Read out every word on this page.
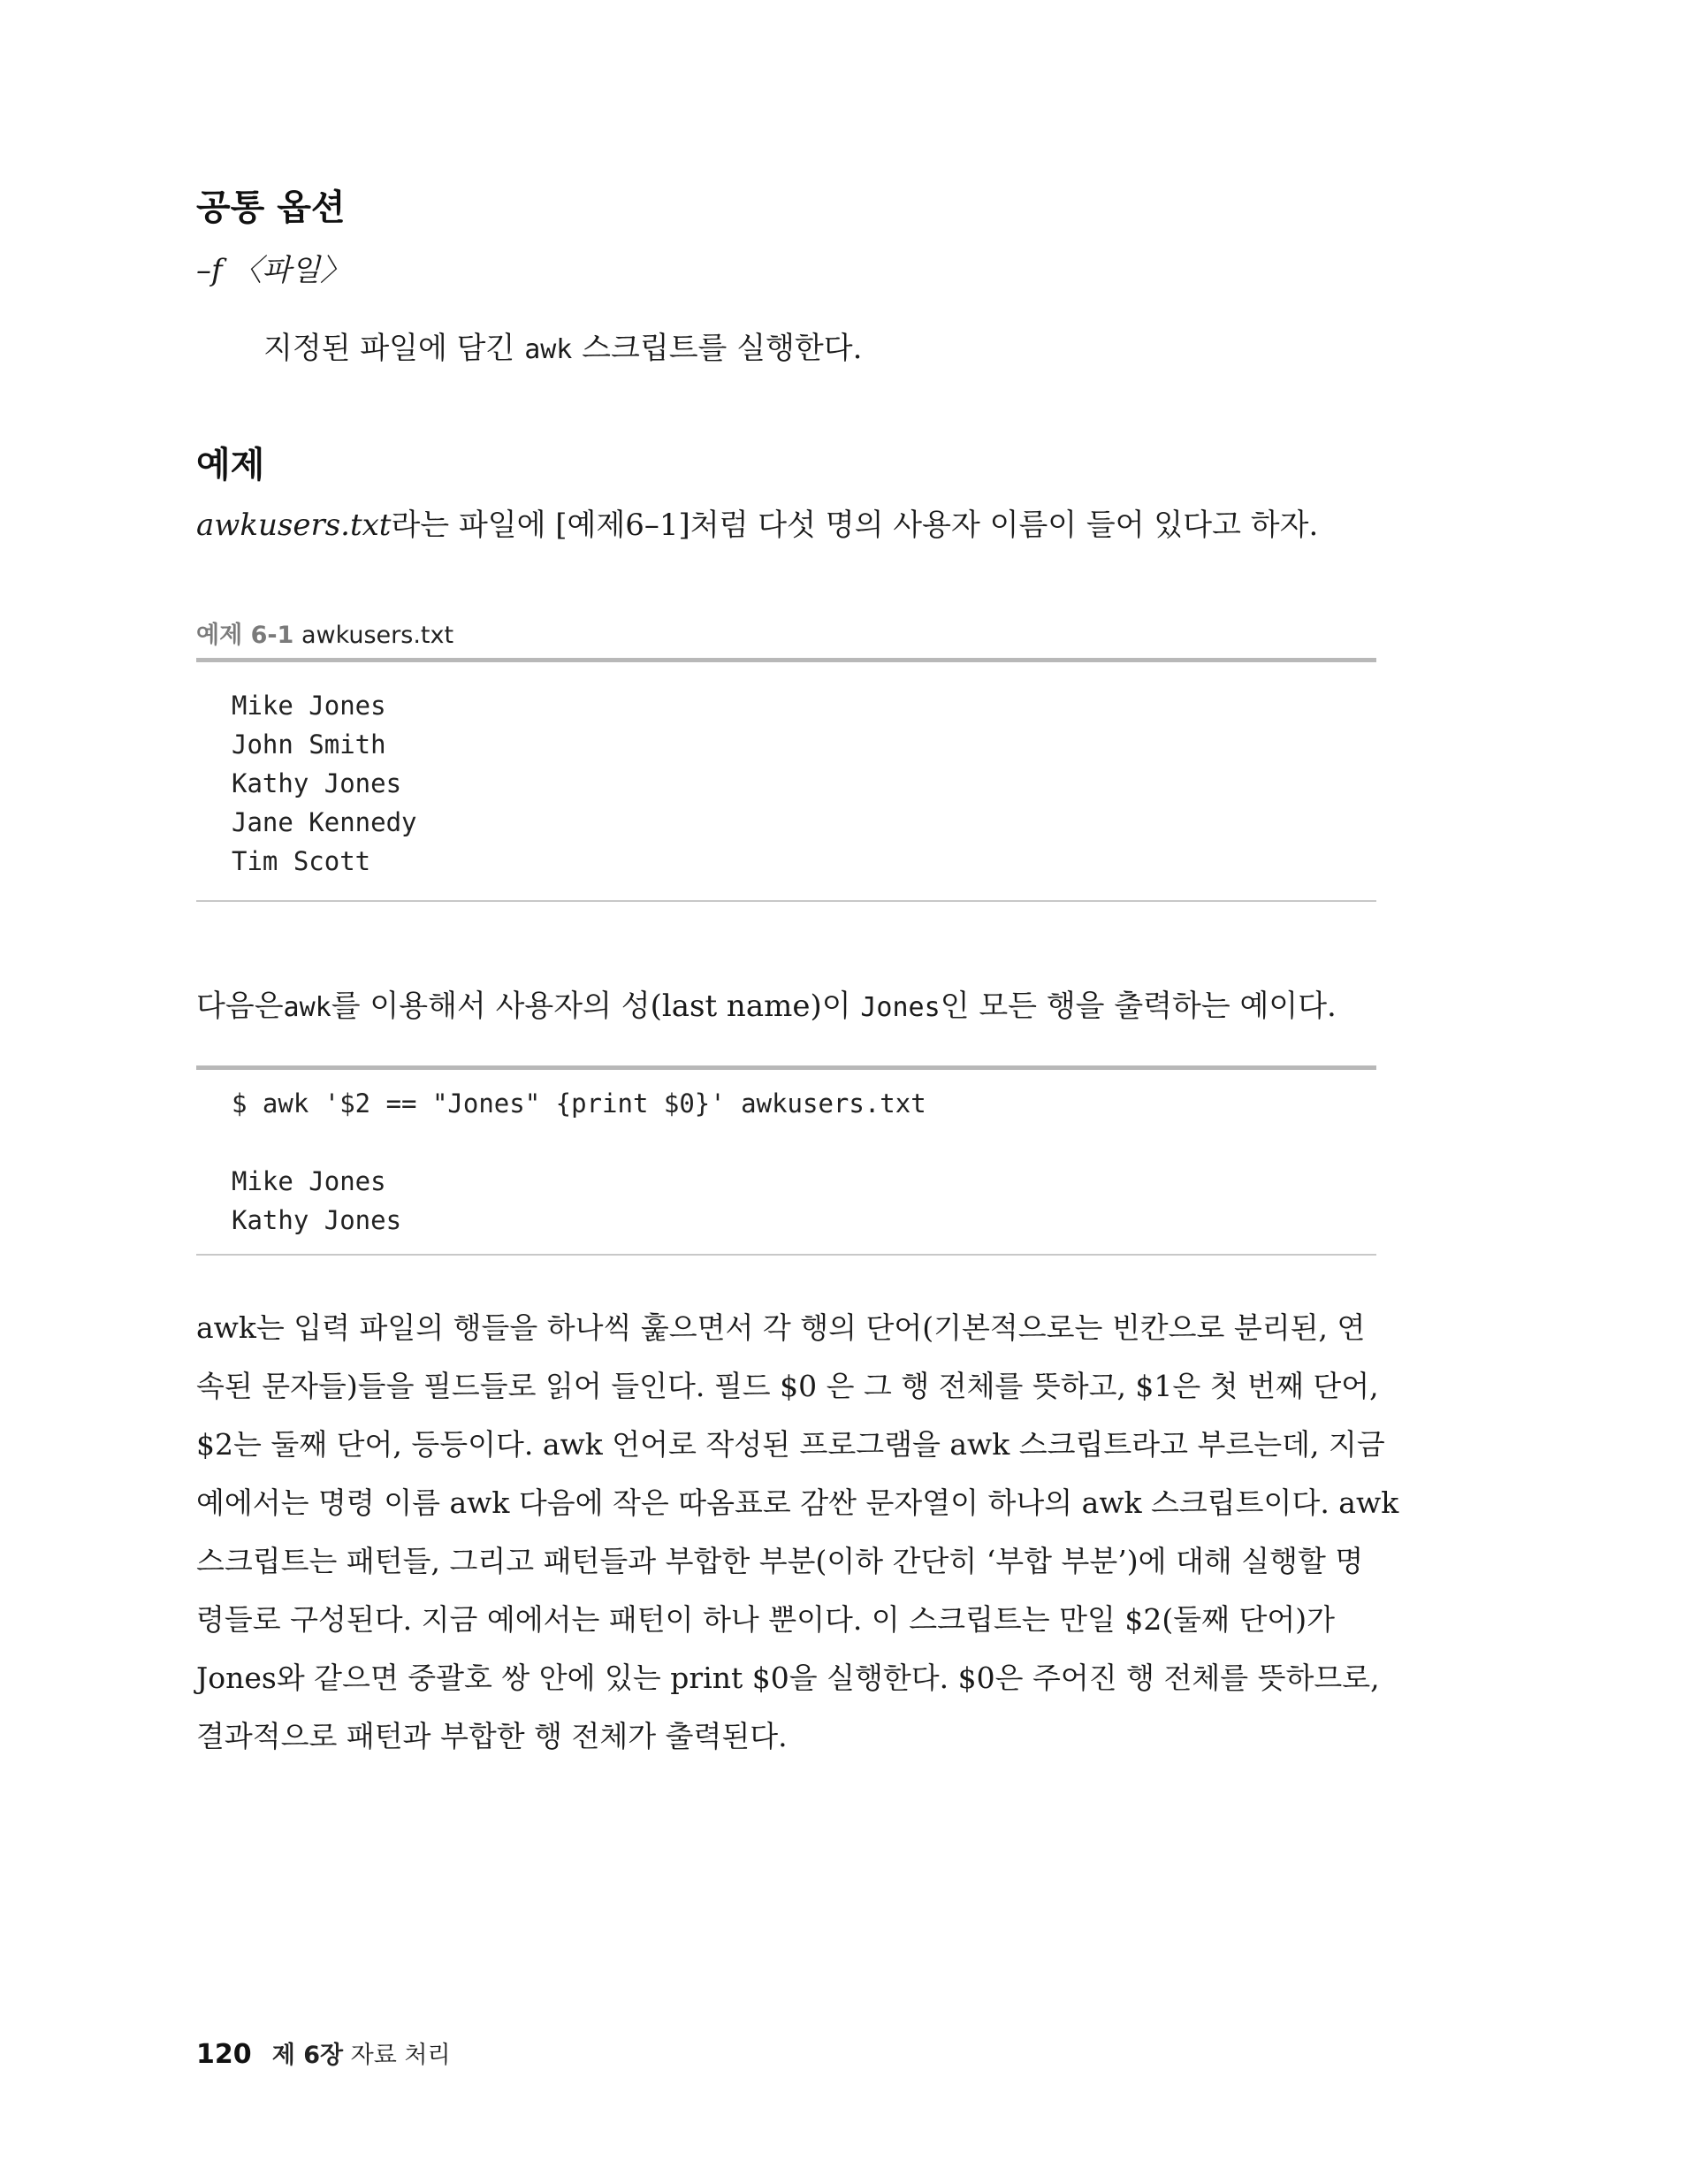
공통 옵션
–f 〈파일〉
지정된 파일에 담긴 awk 스크립트를 실행한다.
예제
awkusers.txt라는 파일에 [예제6–1]처럼 다섯 명의 사용자 이름이 들어 있다고 하자.
예제 6-1 awkusers.txt
Mike Jones
John Smith
Kathy Jones
Jane Kennedy
Tim Scott
다음은awk를 이용해서 사용자의 성(last name)이 Jones인 모든 행을 출력하는 예이다.
$ awk '$2 == "Jones" {print $0}' awkusers.txt
Mike Jones
Kathy Jones
awk는 입력 파일의 행들을 하나씩 훑으면서 각 행의 단어(기본적으로는 빈칸으로 분리된, 연
속된 문자들)들을 필드들로 읽어 들인다. 필드 $0 은 그 행 전체를 뜻하고, $1은 첫 번째 단어,
$2는 둘째 단어, 등등이다. awk 언어로 작성된 프로그램을 awk 스크립트라고 부르는데, 지금
예에서는 명령 이름 awk 다음에 작은 따옴표로 감싼 문자열이 하나의 awk 스크립트이다. awk
스크립트는 패턴들, 그리고 패턴들과 부합한 부분(이하 간단히 ‘부합 부분’)에 대해 실행할 명
령들로 구성된다. 지금 예에서는 패턴이 하나 뿐이다. 이 스크립트는 만일 $2(둘째 단어)가
Jones와 같으면 중괄호 쌍 안에 있는 print $0을 실행한다. $0은 주어진 행 전체를 뜻하므로,
결과적으로 패턴과 부합한 행 전체가 출력된다.
120 제 6장 자료 처리
